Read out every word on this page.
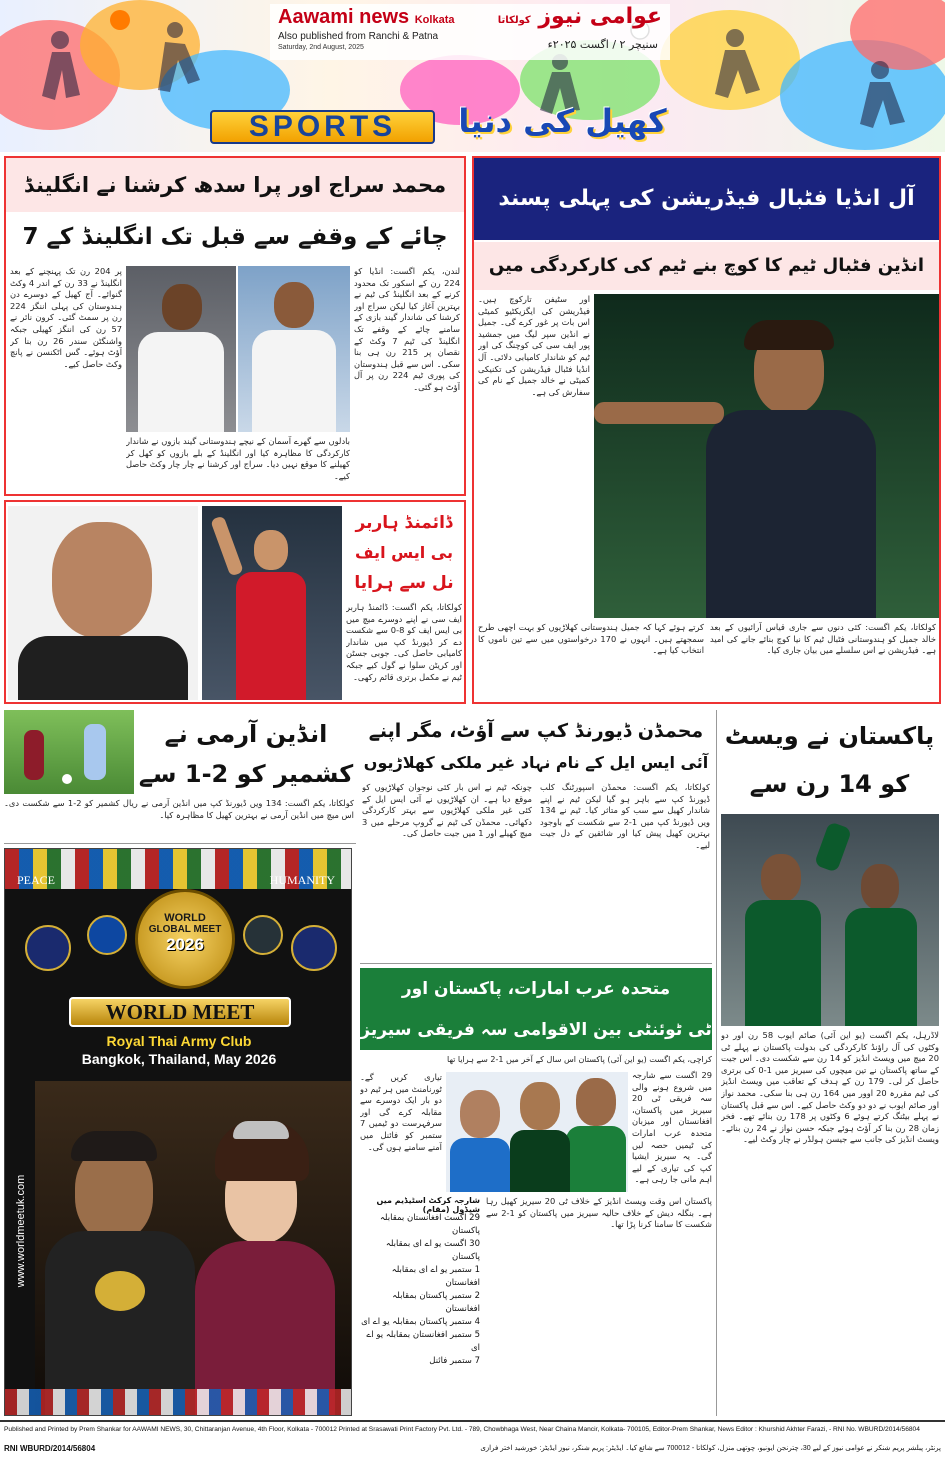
Aawami news Kolkata
Also published from Ranchi & Patna
Saturday, 2nd August, 2025
عوامی نیوز کولکاتا
سنیچر ۲ / اگست ۲۰۲۵ء
SPORTS	کھیل کی دنیا
محمد سراج اور پرا سدھ کرشنا نے انگلینڈ
چائے کے وقفے سے قبل تک انگلینڈ کے 7
لندن، یکم اگست: انڈیا کو 224 رن کے اسکور تک محدود کرنے کے بعد انگلینڈ کی ٹیم نے بہترین آغاز کیا لیکن سراج اور کرشنا کی شاندار گیند بازی کے سامنے چائے کے وقفے تک انگلینڈ کی ٹیم 7 وکٹ کے نقصان پر 215 رن ہی بنا سکی۔ اس سے قبل ہندوستان کی پوری ٹیم 224 رن پر آل آؤٹ ہو گئی۔
بادلوں سے گھرے آسمان کے نیچے ہندوستانی گیند بازوں نے شاندار کارکردگی کا مظاہرہ کیا اور انگلینڈ کے بلے بازوں کو کھل کر کھیلنے کا موقع نہیں دیا۔ سراج اور کرشنا نے چار چار وکٹ حاصل کیے۔
پر 204 رن تک پہنچنے کے بعد انگلینڈ نے 33 رن کے اندر 4 وکٹ گنوائے۔ آج کھیل کے دوسرے دن ہندوستان کی پہلی اننگز 224 رن پر سمٹ گئی۔ کرون نائر نے 57 رن کی اننگز کھیلی جبکہ واشنگٹن سندر 26 رن بنا کر آؤٹ ہوئے۔ گس اٹکنسن نے پانچ وکٹ حاصل کیے۔
ڈائمنڈ ہاربر
بی ایس ایف
نل سے ہرایا
کولکاتا، یکم اگست: ڈائمنڈ ہاربر ایف سی نے اپنے دوسرے میچ میں بی ایس ایف کو 8-0 سے شکست دے کر ڈیورنڈ کپ میں شاندار کامیابی حاصل کی۔ جوبی جسٹن اور کریٹن سلوا نے گول کیے جبکہ ٹیم نے مکمل برتری قائم رکھی۔
آل انڈیا فٹبال فیڈریشن کی پہلی پسند
انڈین فٹبال ٹیم کا کوچ بنے ٹیم کی کارکردگی میں
اور سٹیفن تارکوچ ہیں۔ فیڈریشن کی ایگزیکٹیو کمیٹی اس بات پر غور کرے گی۔ جمیل نے انڈین سپر لیگ میں جمشید پور ایف سی کی کوچنگ کی اور ٹیم کو شاندار کامیابی دلائی۔ آل انڈیا فٹبال فیڈریشن کی تکنیکی کمیٹی نے خالد جمیل کے نام کی سفارش کی ہے۔
کرتے ہوئے کہا کہ جمیل ہندوستانی کھلاڑیوں کو بہت اچھی طرح سمجھتے ہیں۔ انہوں نے 170 درخواستوں میں سے تین ناموں کا انتخاب کیا ہے۔
کولکاتا، یکم اگست: کئی دنوں سے جاری قیاس آرائیوں کے بعد خالد جمیل کو ہندوستانی فٹبال ٹیم کا نیا کوچ بنائے جانے کی امید ہے۔ فیڈریشن نے اس سلسلے میں بیان جاری کیا۔
انڈین آرمی نے
کشمیر کو 2-1 سے
کولکاتا، یکم اگست: 134 ویں ڈیورنڈ کپ میں انڈین آرمی نے ریال کشمیر کو 2-1 سے شکست دی۔ اس میچ میں انڈین آرمی نے بہترین کھیل کا مظاہرہ کیا۔
PEACE	HUMANITY
WORLD
GLOBAL MEET
2026
WORLD MEET
Royal Thai Army Club
Bangkok, Thailand, May 2026
www.worldmeetuk.com
محمڈن ڈیورنڈ کپ سے آؤٹ، مگر اپنے
آئی ایس ایل کے نام نہاد غیر ملکی کھلاڑیوں
کولکاتا، یکم اگست: محمڈن اسپورٹنگ کلب ڈیورنڈ کپ سے باہر ہو گیا لیکن ٹیم نے اپنے شاندار کھیل سے سب کو متاثر کیا۔ ٹیم نے 134 ویں ڈیورنڈ کپ میں 1-2 سے شکست کے باوجود بہترین کھیل پیش کیا اور شائقین کے دل جیت لیے۔
چونکہ ٹیم نے اس بار کئی نوجوان کھلاڑیوں کو موقع دیا ہے۔ ان کھلاڑیوں نے آئی ایس ایل کے کئی غیر ملکی کھلاڑیوں سے بہتر کارکردگی دکھائی۔ محمڈن کی ٹیم نے گروپ مرحلے میں 3 میچ کھیلے اور 1 میں جیت حاصل کی۔
متحدہ عرب امارات، پاکستان اور
ٹی ٹوئنٹی بین الاقوامی سہ فریقی سیریز
کراچی، یکم اگست (یو این آئی) پاکستان اس سال کے آخر میں 1-2 سے ہرایا تھا
29 اگست سے شارجہ میں شروع ہونے والی سہ فریقی ٹی 20 سیریز میں پاکستان، افغانستان اور میزبان متحدہ عرب امارات کی ٹیمیں حصہ لیں گی۔ یہ سیریز ایشیا کپ کی تیاری کے لیے اہم مانی جا رہی ہے۔
تیاری کریں گے۔ ٹورنامنٹ میں ہر ٹیم دو دو بار ایک دوسرے سے مقابلہ کرے گی اور سرفہرست دو ٹیمیں 7 ستمبر کو فائنل میں آمنے سامنے ہوں گی۔
شارجہ کرکٹ اسٹیڈیم میں شیڈول (مقام)
29 اگست افغانستان بمقابلہ پاکستان
30 اگست یو اے ای بمقابلہ پاکستان
1 ستمبر یو اے ای بمقابلہ افغانستان
2 ستمبر پاکستان بمقابلہ افغانستان
4 ستمبر پاکستان بمقابلہ یو اے ای
5 ستمبر افغانستان بمقابلہ یو اے ای
7 ستمبر فائنل
پاکستان اس وقت ویسٹ انڈیز کے خلاف ٹی 20 سیریز کھیل رہا ہے۔ بنگلہ دیش کے خلاف حالیہ سیریز میں پاکستان کو 1-2 سے شکست کا سامنا کرنا پڑا تھا۔
پاکستان نے ویسٹ
کو 14 رن سے
لاڈرہل، یکم اگست (یو این آئی) صائم ایوب 58 رن اور دو وکٹوں کی آل راؤنڈ کارکردگی کی بدولت پاکستان نے پہلے ٹی 20 میچ میں ویسٹ انڈیز کو 14 رن سے شکست دی۔ اس جیت کے ساتھ پاکستان نے تین میچوں کی سیریز میں 1-0 کی برتری حاصل کر لی۔ 179 رن کے ہدف کے تعاقب میں ویسٹ انڈیز کی ٹیم مقررہ 20 اوور میں 164 رن ہی بنا سکی۔ محمد نواز اور صائم ایوب نے دو دو وکٹ حاصل کیے۔ اس سے قبل پاکستان نے پہلے بیٹنگ کرتے ہوئے 6 وکٹوں پر 178 رن بنائے تھے۔ فخر زمان 28 رن بنا کر آؤٹ ہوئے جبکہ حسن نواز نے 24 رن بنائے۔ ویسٹ انڈیز کی جانب سے جیسن ہولڈر نے چار وکٹ لیے۔
Published and Printed by Prem Shankar for AAWAMI NEWS, 30, Chittaranjan Avenue, 4th Floor, Kolkata - 700012 Printed at Srasawati Print Factory Pvt. Ltd. - 789, Chowbhaga West, Near Chaina Mancir, Kolkata- 700105, Editor-Prem Shankar, News Editor : Khurshid Akhter Farazi, - RNI No. WBURD/2014/56804
RNI WBURD/2014/56804	پرنٹر، پبلشر پریم شنکر نے عوامی نیوز کے لیے 30، چترنجن ایونیو، چوتھی منزل، کولکاتا - 700012 سے شائع کیا۔ ایڈیٹر: پریم شنکر، نیوز ایڈیٹر: خورشید اختر فرازی
